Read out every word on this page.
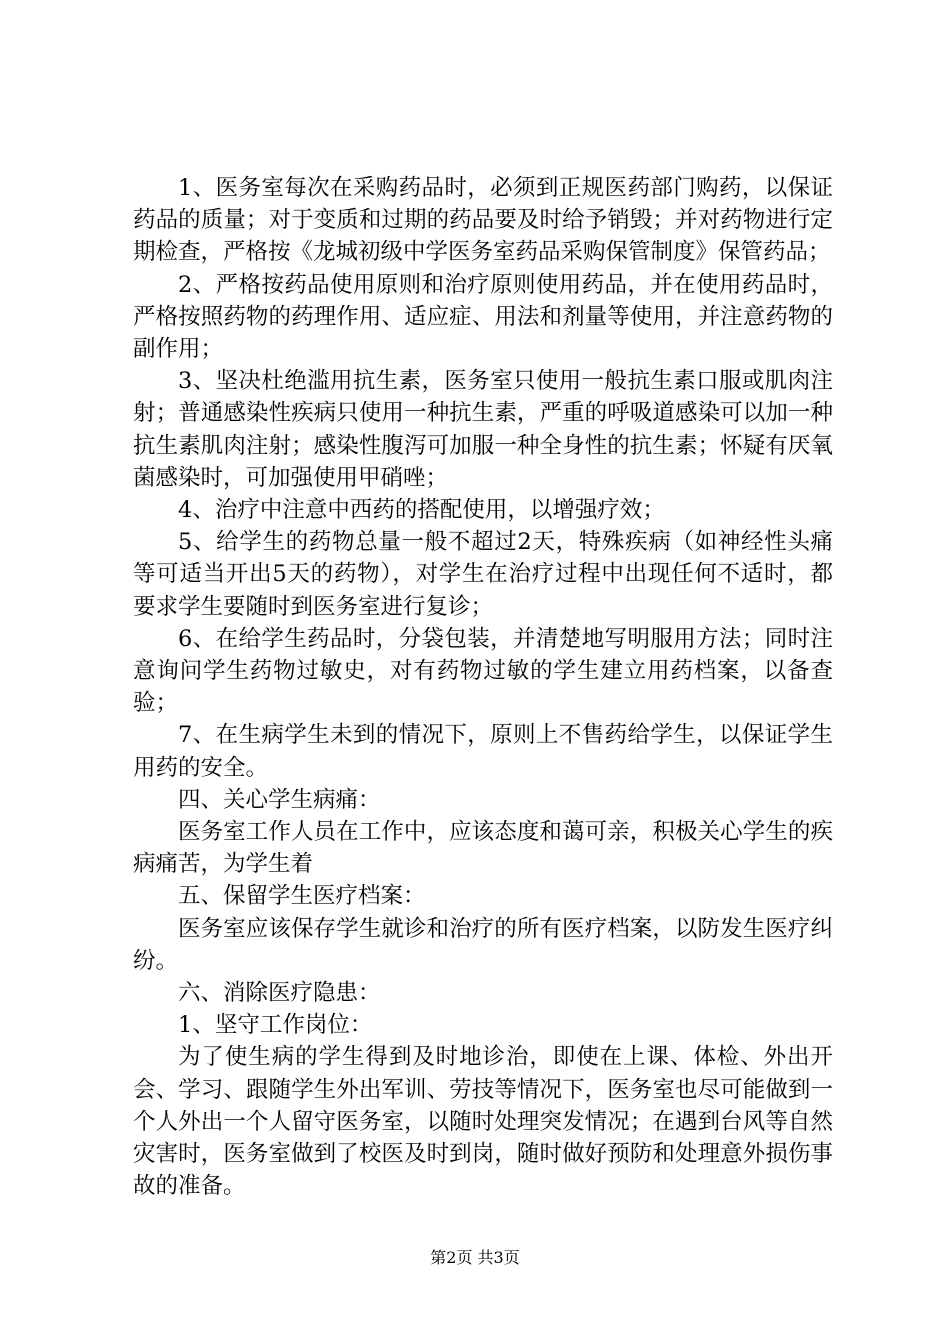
1、医务室每次在采购药品时，必须到正规医药部门购药，以保证药品的质量；对于变质和过期的药品要及时给予销毁；并对药物进行定期检查，严格按《龙城初级中学医务室药品采购保管制度》保管药品；

2、严格按药品使用原则和治疗原则使用药品，并在使用药品时，严格按照药物的药理作用、适应症、用法和剂量等使用，并注意药物的副作用；

3、坚决杜绝滥用抗生素，医务室只使用一般抗生素口服或肌肉注射；普通感染性疾病只使用一种抗生素，严重的呼吸道感染可以加一种抗生素肌肉注射；感染性腹泻可加服一种全身性的抗生素；怀疑有厌氧菌感染时，可加强使用甲硝唑；

4、治疗中注意中西药的搭配使用，以增强疗效；

5、给学生的药物总量一般不超过2天，特殊疾病（如神经性头痛等可适当开出5天的药物），对学生在治疗过程中出现任何不适时，都要求学生要随时到医务室进行复诊；

6、在给学生药品时，分袋包装，并清楚地写明服用方法；同时注意询问学生药物过敏史，对有药物过敏的学生建立用药档案，以备查验；

7、在生病学生未到的情况下，原则上不售药给学生，以保证学生用药的安全。

四、关心学生病痛：

医务室工作人员在工作中，应该态度和蔼可亲，积极关心学生的疾病痛苦，为学生着

五、保留学生医疗档案：

医务室应该保存学生就诊和治疗的所有医疗档案，以防发生医疗纠纷。

六、消除医疗隐患：

1、坚守工作岗位：

为了使生病的学生得到及时地诊治，即使在上课、体检、外出开会、学习、跟随学生外出军训、劳技等情况下，医务室也尽可能做到一个人外出一个人留守医务室，以随时处理突发情况；在遇到台风等自然灾害时，医务室做到了校医及时到岗，随时做好预防和处理意外损伤事故的准备。

第2页 共3页
